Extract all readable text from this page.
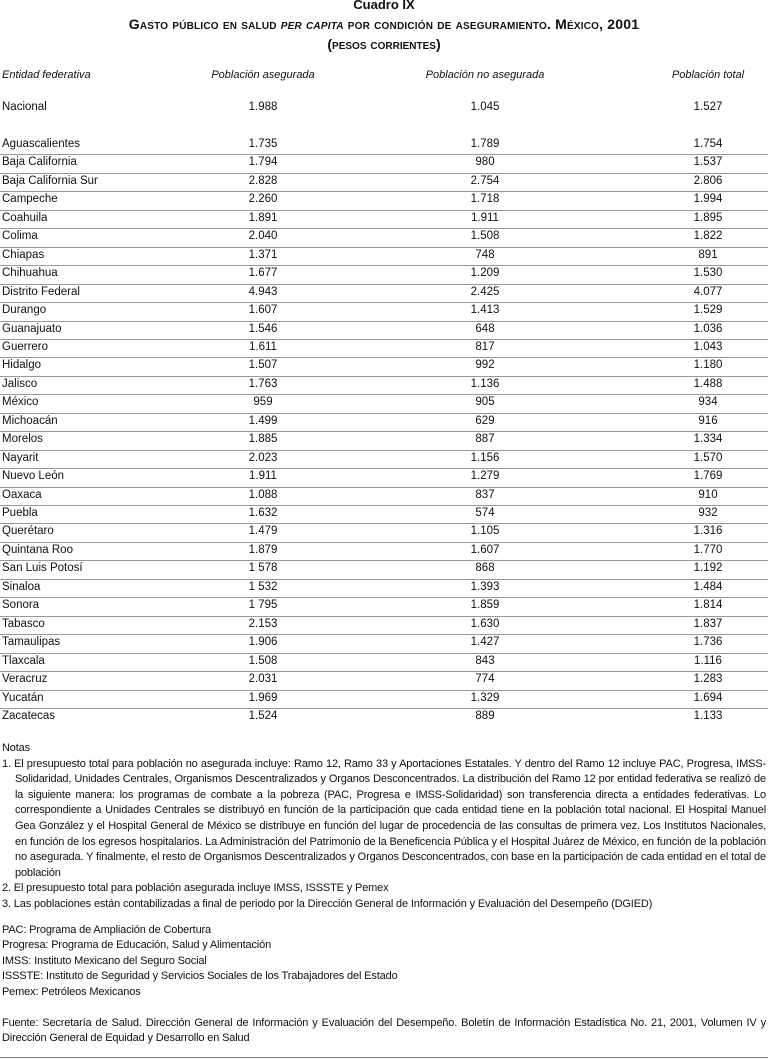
Cuadro IX
Gasto público en salud per capita por condición de aseguramiento. México, 2001
(pesos corrientes)
Entidad federativa	Población asegurada	Población no asegurada	Población total
Nacional	1.988	1.045	1.527
Aguascalientes	1.735	1.789	1.754
Baja California	1.794	980	1.537
Baja California Sur	2.828	2.754	2.806
Campeche	2.260	1.718	1.994
Coahuila	1.891	1.911	1.895
Colima	2.040	1.508	1.822
Chiapas	1.371	748	891
Chihuahua	1.677	1.209	1.530
Distrito Federal	4.943	2.425	4.077
Durango	1.607	1.413	1.529
Guanajuato	1.546	648	1.036
Guerrero	1.611	817	1.043
Hidalgo	1.507	992	1.180
Jalisco	1.763	1.136	1.488
México	959	905	934
Michoacán	1.499	629	916
Morelos	1.885	887	1.334
Nayarit	2.023	1.156	1.570
Nuevo León	1.911	1.279	1.769
Oaxaca	1.088	837	910
Puebla	1.632	574	932
Querétaro	1.479	1.105	1.316
Quintana Roo	1.879	1.607	1.770
San Luis Potosí	1 578	868	1.192
Sinaloa	1 532	1.393	1.484
Sonora	1 795	1.859	1.814
Tabasco	2.153	1.630	1.837
Tamaulipas	1.906	1.427	1.736
Tlaxcala	1.508	843	1.116
Veracruz	2.031	774	1.283
Yucatán	1.969	1.329	1.694
Zacatecas	1.524	889	1.133
Notas
1. El presupuesto total para población no asegurada incluye: Ramo 12, Ramo 33 y Aportaciones Estatales. Y dentro del Ramo 12 incluye PAC, Progresa, IMSS-Solidaridad, Unidades Centrales, Organismos Descentralizados y Organos Desconcentrados. La distribución del Ramo 12 por entidad federativa se realizó de la siguiente manera: los programas de combate a la pobreza (PAC, Progresa e IMSS-Solidaridad) son transferencia directa a entidades federativas. Lo correspondiente a Unidades Centrales se distribuyó en función de la participación que cada entidad tiene en la población total nacional. El Hospital Manuel Gea González y el Hospital General de México se distribuye en función del lugar de procedencia de las consultas de primera vez. Los Institutos Nacionales, en función de los egresos hospitalarios. La Administración del Patrimonio de la Beneficencia Pública y el Hospital Juárez de México, en función de la población no asegurada. Y finalmente, el resto de Organismos Descentralizados y Organos Desconcentrados, con base en la participación de cada entidad en el total de población
2. El presupuesto total para población asegurada incluye IMSS, ISSSTE y Pemex
3. Las poblaciones están contabilizadas a final de periodo por la Dirección General de Información y Evaluación del Desempeño (DGIED)
PAC: Programa de Ampliación de Cobertura
Progresa: Programa de Educación, Salud y Alimentación
IMSS: Instituto Mexicano del Seguro Social
ISSSTE: Instituto de Seguridad y Servicios Sociales de los Trabajadores del Estado
Pemex: Petróleos Mexicanos
Fuente: Secretaría de Salud. Dirección General de Información y Evaluación del Desempeño. Boletín de Información Estadística No. 21, 2001, Volumen IV y Dirección General de Equidad y Desarrollo en Salud
